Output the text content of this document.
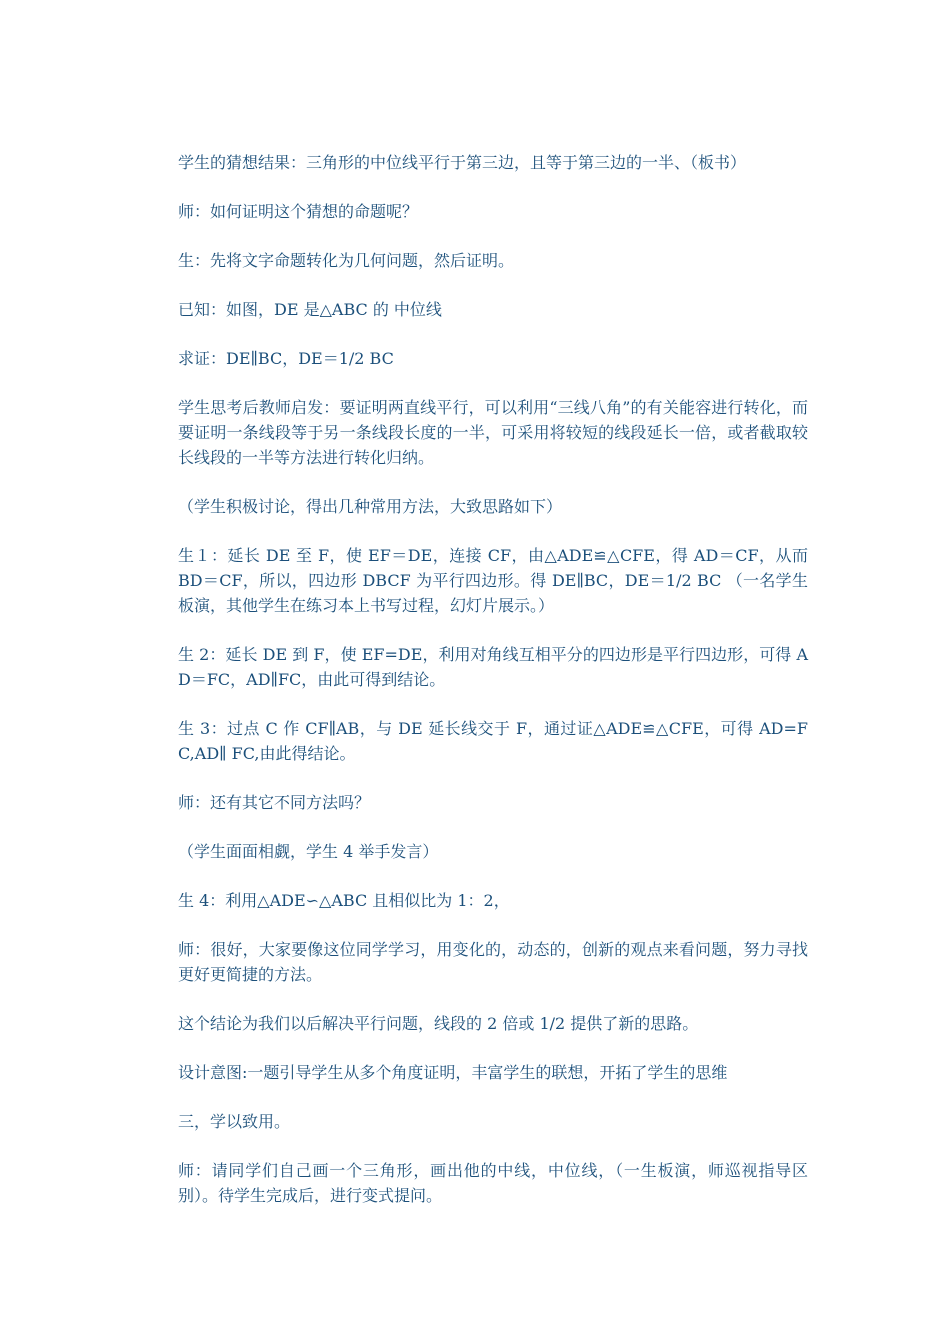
学生的猜想结果：三角形的中位线平行于第三边，且等于第三边的一半、（板书）

师：如何证明这个猜想的命题呢？

生：先将文字命题转化为几何问题，然后证明。

已知：如图，DE 是△ABC 的 中位线

求证：DE∥BC，DE＝1/2 BC

学生思考后教师启发：要证明两直线平行，可以利用“三线八角”的有关能容进行转化，而要证明一条线段等于另一条线段长度的一半，可采用将较短的线段延长一倍，或者截取较长线段的一半等方法进行转化归纳。

（学生积极讨论，得出几种常用方法，大致思路如下）

生１：延长 DE 至 F，使 EF＝DE，连接 CF，由△ADE≌△CFE，得 AD＝CF，从而 BD＝CF，所以，四边形 DBCF 为平行四边形。得 DE∥BC，DE＝1/2 BC （一名学生板演，其他学生在练习本上书写过程，幻灯片展示。）

生 2：延长 DE 到 F，使 EF=DE，利用对角线互相平分的四边形是平行四边形，可得 AD＝FC，AD∥FC，由此可得到结论。

生 3：过点 C 作 CF∥AB，与 DE 延长线交于 F，通过证△ADE≌△CFE，可得 AD=FC,AD∥ FC,由此得结论。

师：还有其它不同方法吗？

（学生面面相觑，学生 4 举手发言）

生 4：利用△ADE∽△ABC 且相似比为 1：2，

师：很好，大家要像这位同学学习，用变化的，动态的，创新的观点来看问题，努力寻找更好更简捷的方法。

这个结论为我们以后解决平行问题，线段的 2 倍或 1/2 提供了新的思路。

设计意图:一题引导学生从多个角度证明，丰富学生的联想，开拓了学生的思维

三，学以致用。

师：请同学们自己画一个三角形，画出他的中线，中位线，（一生板演，师巡视指导区别）。待学生完成后，进行变式提问。
